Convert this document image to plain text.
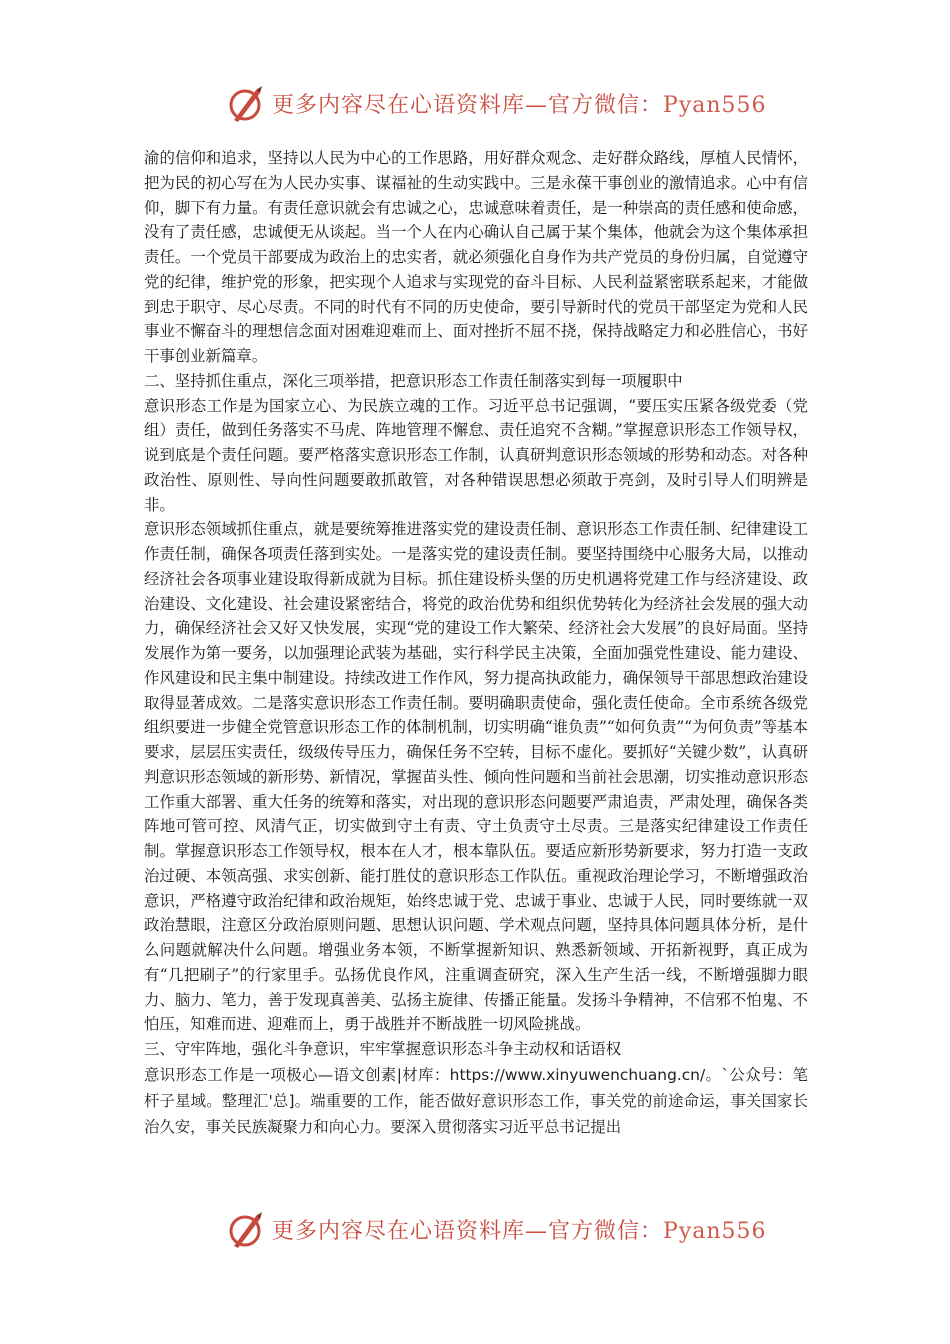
更多内容尽在心语资料库—官方微信：Pyan556

渝的信仰和追求，坚持以人民为中心的工作思路，用好群众观念、走好群众路线，厚植人民情怀，把为民的初心写在为人民办实事、谋福祉的生动实践中。三是永葆干事创业的激情追求。心中有信仰，脚下有力量。有责任意识就会有忠诚之心，忠诚意味着责任，是一种崇高的责任感和使命感，没有了责任感，忠诚便无从谈起。当一个人在内心确认自己属于某个集体，他就会为这个集体承担责任。一个党员干部要成为政治上的忠实者，就必须强化自身作为共产党员的身份归属，自觉遵守党的纪律，维护党的形象，把实现个人追求与实现党的奋斗目标、人民利益紧密联系起来，才能做到忠于职守、尽心尽责。不同的时代有不同的历史使命，要引导新时代的党员干部坚定为党和人民事业不懈奋斗的理想信念面对困难迎难而上、面对挫折不屈不挠，保持战略定力和必胜信心，书好干事创业新篇章。

二、坚持抓住重点，深化三项举措，把意识形态工作责任制落实到每一项履职中

意识形态工作是为国家立心、为民族立魂的工作。习近平总书记强调，“要压实压紧各级党委（党组）责任，做到任务落实不马虎、阵地管理不懈怠、责任追究不含糊。”掌握意识形态工作领导权，说到底是个责任问题。要严格落实意识形态工作制，认真研判意识形态领域的形势和动态。对各种政治性、原则性、导向性问题要敢抓敢管，对各种错误思想必须敢于亮剑，及时引导人们明辨是非。

意识形态领域抓住重点，就是要统筹推进落实党的建设责任制、意识形态工作责任制、纪律建设工作责任制，确保各项责任落到实处。一是落实党的建设责任制。要坚持围绕中心服务大局，以推动经济社会各项事业建设取得新成就为目标。抓住建设桥头堡的历史机遇将党建工作与经济建设、政治建设、文化建设、社会建设紧密结合，将党的政治优势和组织优势转化为经济社会发展的强大动力，确保经济社会又好又快发展，实现“党的建设工作大繁荣、经济社会大发展”的良好局面。坚持发展作为第一要务，以加强理论武装为基础，实行科学民主决策，全面加强党性建设、能力建设、作风建设和民主集中制建设。持续改进工作作风，努力提高执政能力，确保领导干部思想政治建设取得显著成效。二是落实意识形态工作责任制。要明确职责使命，强化责任使命。全市系统各级党组织要进一步健全党管意识形态工作的体制机制，切实明确“谁负责”“如何负责”“为何负责”等基本要求，层层压实责任，级级传导压力，确保任务不空转，目标不虚化。要抓好“关键少数”，认真研判意识形态领域的新形势、新情况，掌握苗头性、倾向性问题和当前社会思潮，切实推动意识形态工作重大部署、重大任务的统筹和落实，对出现的意识形态问题要严肃追责，严肃处理，确保各类阵地可管可控、风清气正，切实做到守土有责、守土负责守土尽责。三是落实纪律建设工作责任制。掌握意识形态工作领导权，根本在人才，根本靠队伍。要适应新形势新要求，努力打造一支政治过硬、本领高强、求实创新、能打胜仗的意识形态工作队伍。重视政治理论学习，不断增强政治意识，严格遵守政治纪律和政治规矩，始终忠诚于党、忠诚于事业、忠诚于人民，同时要练就一双政治慧眼，注意区分政治原则问题、思想认识问题、学术观点问题，坚持具体问题具体分析，是什么问题就解决什么问题。增强业务本领，不断掌握新知识、熟悉新领域、开拓新视野，真正成为有“几把刷子”的行家里手。弘扬优良作风，注重调查研究，深入生产生活一线，不断增强脚力眼力、脑力、笔力，善于发现真善美、弘扬主旋律、传播正能量。发扬斗争精神，不信邪不怕鬼、不怕压，知难而进、迎难而上，勇于战胜并不断战胜一切风险挑战。

三、守牢阵地，强化斗争意识，牢牢掌握意识形态斗争主动权和话语权

意识形态工作是一项极心—语文创素|材库：https://www.xinyuwenchuang.cn/。`公众号：笔杆子星域。整理汇'总]。端重要的工作，能否做好意识形态工作，事关党的前途命运，事关国家长治久安，事关民族凝聚力和向心力。要深入贯彻落实习近平总书记提出

更多内容尽在心语资料库—官方微信：Pyan556
